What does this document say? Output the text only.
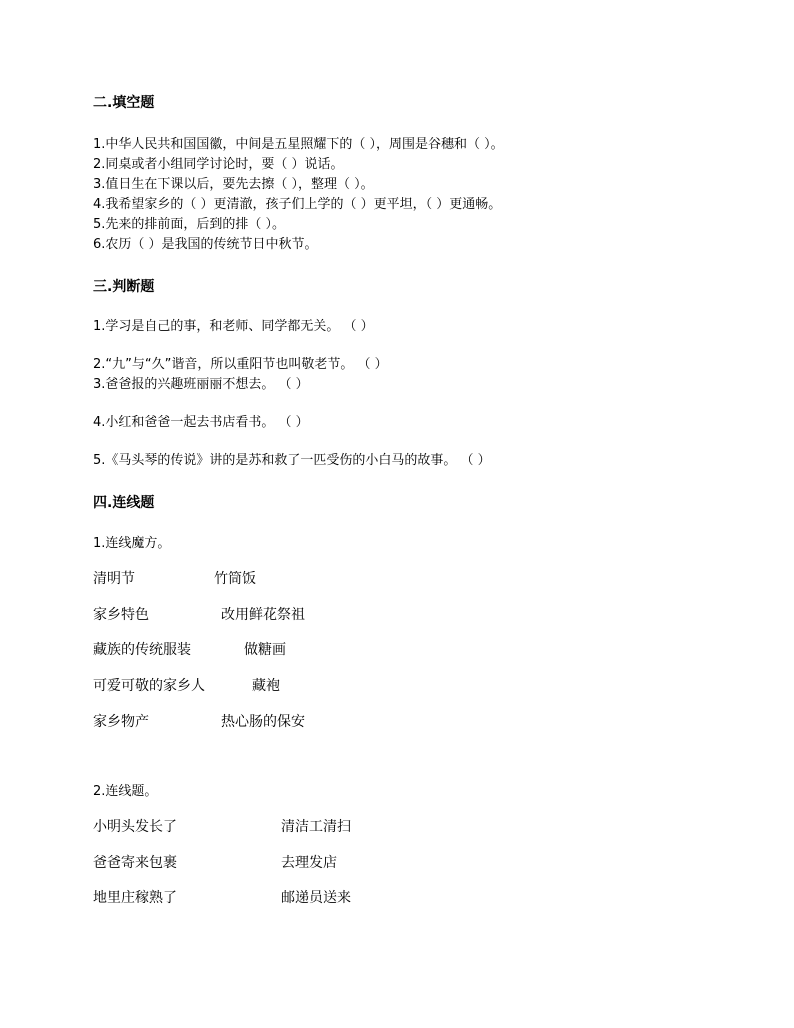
二.填空题
1.中华人民共和国国徽，中间是五星照耀下的（ ），周围是谷穗和（ ）。
2.同桌或者小组同学讨论时，要（ ）说话。
3.值日生在下课以后，要先去擦（ ），整理（ ）。
4.我希望家乡的（ ）更清澈，孩子们上学的（ ）更平坦，（ ）更通畅。
5.先来的排前面，后到的排（ ）。
6.农历（ ）是我国的传统节日中秋节。
三.判断题
1.学习是自己的事，和老师、同学都无关。 （ ）
2.“九”与“久”谐音，所以重阳节也叫敬老节。 （ ）
3.爸爸报的兴趣班丽丽不想去。 （ ）
4.小红和爸爸一起去书店看书。 （ ）
5.《马头琴的传说》讲的是苏和救了一匹受伤的小白马的故事。 （ ）
四.连线题
1.连线魔方。
清明节	竹筒饭
家乡特色	改用鲜花祭祖
藏族的传统服装	做糖画
可爱可敬的家乡人	藏袍
家乡物产	热心肠的保安
2.连线题。
小明头发长了	清洁工清扫
爸爸寄来包裹	去理发店
地里庄稼熟了	邮递员送来
